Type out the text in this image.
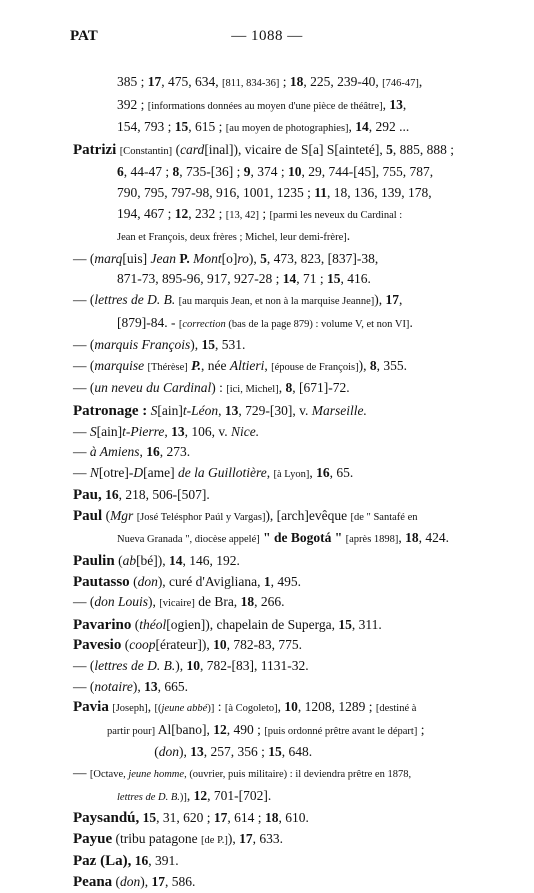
PAT	— 1088 —
385 ; 17, 475, 634, [811, 834-36] ; 18, 225, 239-40, [746-47],
392 ; [informations données au moyen d'une pièce de théâtre], 13,
154, 793 ; 15, 615 ; [au moyen de photographies], 14, 292 ...
Patrizi [Constantin] (card[inal]), vicaire de S[a] S[ainteté], 5, 885, 888 ;
6, 44-47 ; 8, 735-[36] ; 9, 374 ; 10, 29, 744-[45], 755, 787,
790, 795, 797-98, 916, 1001, 1235 ; 11, 18, 136, 139, 178,
194, 467 ; 12, 232 ; [13, 42] ; [parmi les neveux du Cardinal :
Jean et François, deux frères ; Michel, leur demi-frère].
— (marq[uis] Jean P. Mont[o]ro), 5, 473, 823, [837]-38,
871-73, 895-96, 917, 927-28 ; 14, 71 ; 15, 416.
— (lettres de D. B. [au marquis Jean, et non à la marquise Jeanne]), 17,
[879]-84. - [correction (bas de la page 879) : volume V, et non VI].
— (marquis François), 15, 531.
— (marquise [Thérèse] P., née Altieri, [épouse de François]), 8, 355.
— (un neveu du Cardinal) : [ici, Michel], 8, [671]-72.
Patronage : S[ain]t-Léon, 13, 729-[30], v. Marseille.
— S[ain]t-Pierre, 13, 106, v. Nice.
— à Amiens, 16, 273.
— N[otre]-D[ame] de la Guillotière, [à Lyon], 16, 65.
Pau, 16, 218, 506-[507].
Paul (Mgr [José Telésphor Paúl y Vargas]), [arch]evêque [de " Santafé en
Nueva Granada ", diocèse appelé] " de Bogotá " [après 1898], 18, 424.
Paulin (ab[bé]), 14, 146, 192.
Pautasso (don), curé d'Avigliana, 1, 495.
— (don Louis), [vicaire] de Bra, 18, 266.
Pavarino (théol[ogien]), chapelain de Superga, 15, 311.
Pavesio (coop[érateur]), 10, 782-83, 775.
— (lettres de D. B.), 10, 782-[83], 1131-32.
— (notaire), 13, 665.
Pavia [Joseph], [(jeune abbé)] : [à Cogoleto], 10, 1208, 1289 ; [destiné à
partir pour] Al[bano], 12, 490 ; [puis ordonné prêtre avant le départ] ;
(don), 13, 257, 356 ; 15, 648.
— [Octave, jeune homme, (ouvrier, puis militaire) : il deviendra prêtre en 1878,
lettres de D. B.)], 12, 701-[702].
Paysandú, 15, 31, 620 ; 17, 614 ; 18, 610.
Payue (tribu patagone [de P.]), 17, 633.
Paz (La), 16, 391.
Peana (don), 17, 586.
